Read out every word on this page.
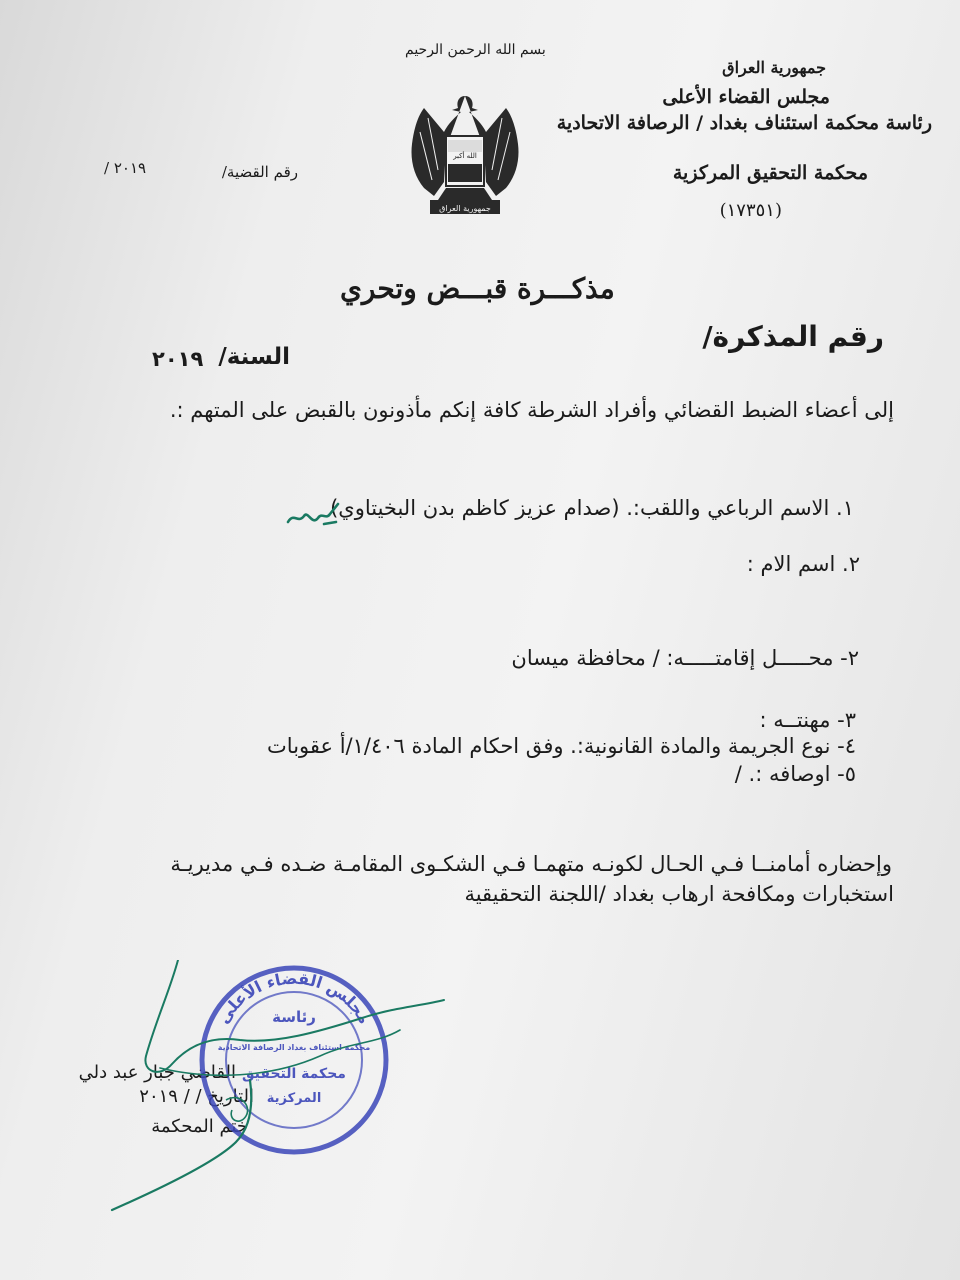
بسم الله الرحمن الرحيم

جمهورية العراق

مجلس القضاء الأعلى

رئاسة محكمة استئناف بغداد / الرصافة الاتحادية

محكمة التحقيق المركزية

(١٧٣٥١)

الله أكبر
جمهورية العراق

رقم القضية/

/ ٢٠١٩

مذكـــرة قبـــض وتحري

رقم المذكرة/

السنة/

٢٠١٩

إلى أعضاء الضبط القضائي وأفراد الشرطة كافة إنكم مأذونون بالقبض على المتهم :.

١. الاسم الرباعي واللقب:. (صدام عزيز كاظم بدن البخيتاوي)

تقدم

٢. اسم الام :

٢- محـــــل إقامتـــــه: / محافظة ميسان

٣- مهنتــه :

٤- نوع الجريمة والمادة القانونية:. وفق احكام المادة ١/٤٠٦/أ عقوبات

٥- اوصافه :. /

وإحضاره أمامنــا فـي الحـال لكونـه متهمـا فـي الشكـوى المقامـة ضـده فـي مديريـة

استخبارات ومكافحة ارهاب بغداد /اللجنة التحقيقية

القاضي جبار عبد دلي

التاريخ / / ٢٠١٩

ختم المحكمة

مجلس القضاء الأعلى
رئاسة
محكمة استئناف بغداد الرصافة الاتحادية
محكمة التحقيق
المركزية
